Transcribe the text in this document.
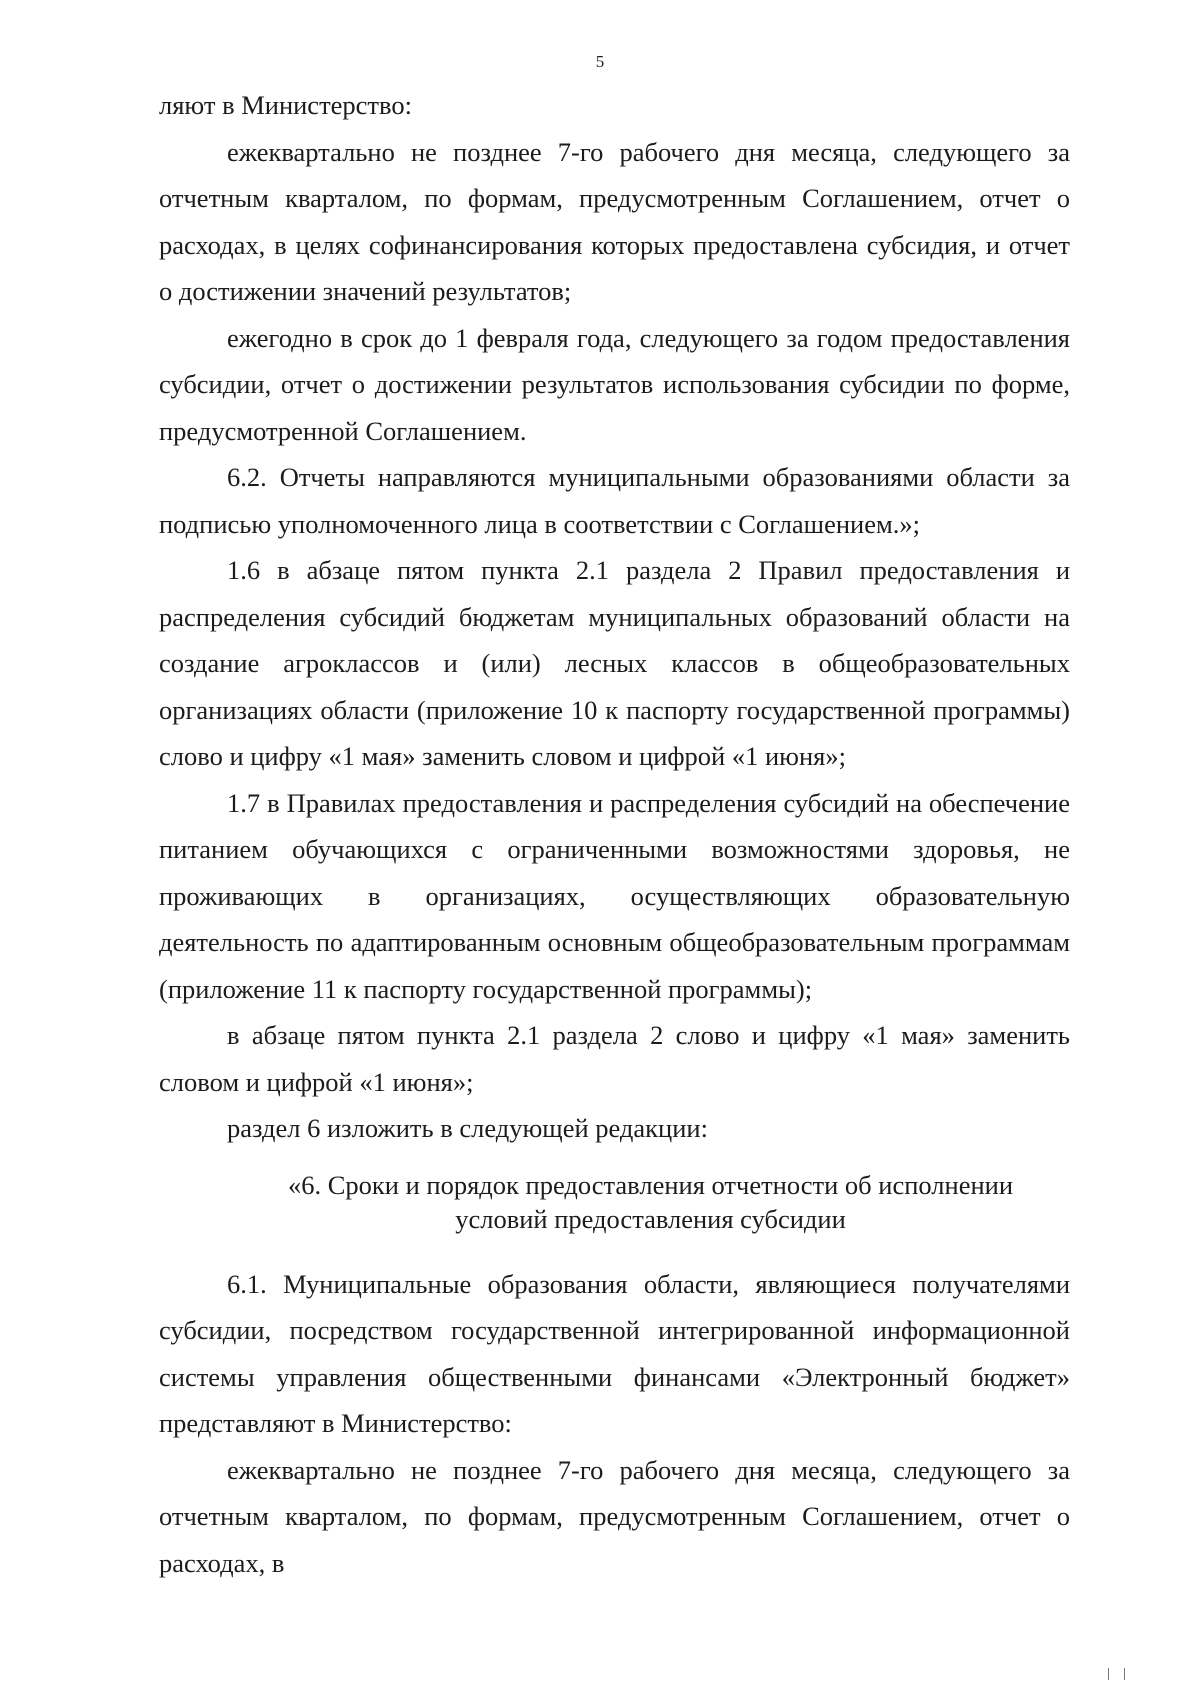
5

ляют в Министерство:

ежеквартально не позднее 7-го рабочего дня месяца, следующего за отчетным кварталом, по формам, предусмотренным Соглашением, отчет о расходах, в целях софинансирования которых предоставлена субсидия, и отчет о достижении значений результатов;

ежегодно в срок до 1 февраля года, следующего за годом предоставления субсидии, отчет о достижении результатов использования субсидии по форме, предусмотренной Соглашением.

6.2. Отчеты направляются муниципальными образованиями области за подписью уполномоченного лица в соответствии с Соглашением.»;

1.6 в абзаце пятом пункта 2.1 раздела 2 Правил предоставления и распределения субсидий бюджетам муниципальных образований области на создание агроклассов и (или) лесных классов в общеобразовательных организациях области (приложение 10 к паспорту государственной программы) слово и цифру «1 мая» заменить словом и цифрой «1 июня»;

1.7 в Правилах предоставления и распределения субсидий на обеспечение питанием обучающихся с ограниченными возможностями здоровья, не проживающих в организациях, осуществляющих образовательную деятельность по адаптированным основным общеобразовательным программам (приложение 11 к паспорту государственной программы);

в абзаце пятом пункта 2.1 раздела 2 слово и цифру «1 мая» заменить словом и цифрой «1 июня»;

раздел 6 изложить в следующей редакции:

«6. Сроки и порядок предоставления отчетности об исполнении
условий предоставления субсидии

6.1. Муниципальные образования области, являющиеся получателями субсидии, посредством государственной интегрированной информационной системы управления общественными финансами «Электронный бюджет» представляют в Министерство:

ежеквартально не позднее 7-го рабочего дня месяца, следующего за отчетным кварталом, по формам, предусмотренным Соглашением, отчет о расходах, в
